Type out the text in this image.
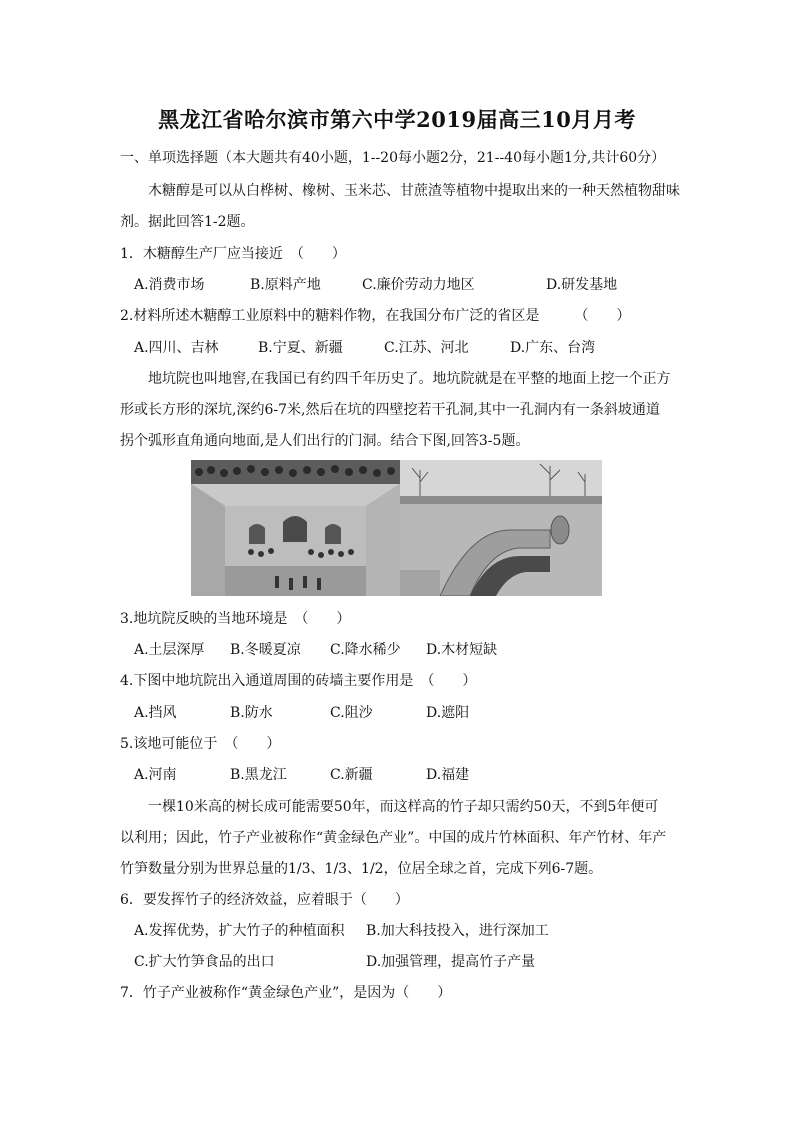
黑龙江省哈尔滨市第六中学2019届高三10月月考
一、单项选择题（本大题共有40小题，1--20每小题2分，21--40每小题1分,共计60分）
木糖醇是可以从白桦树、橡树、玉米芯、甘蔗渣等植物中提取出来的一种天然植物甜味
剂。据此回答1-2题。
1．木糖醇生产厂应当接近　（　　）
A.消费市场	B.原料产地	C.廉价劳动力地区	D.研发基地
2.材料所述木糖醇工业原料中的糖料作物，在我国分布广泛的省区是　　　（　　）
A.四川、吉林	B.宁夏、新疆	C.江苏、河北	D.广东、台湾
地坑院也叫地窖,在我国已有约四千年历史了。地坑院就是在平整的地面上挖一个正方
形或长方形的深坑,深约6-7米,然后在坑的四壁挖若干孔洞,其中一孔洞内有一条斜坡通道
拐个弧形直角通向地面,是人们出行的门洞。结合下图,回答3-5题。
3.地坑院反映的当地环境是　（　　）
A.土层深厚 B.冬暖夏凉 C.降水稀少 D.木材短缺
4.下图中地坑院出入通道周围的砖墙主要作用是　（　　）
A.挡风	B.防水	C.阻沙	D.遮阳
5.该地可能位于　（　　）
A.河南	B.黑龙江	C.新疆	D.福建
一棵10米高的树长成可能需要50年，而这样高的竹子却只需约50天，不到5年便可
以利用；因此，竹子产业被称作“黄金绿色产业”。中国的成片竹林面积、年产竹材、年产
竹笋数量分别为世界总量的1/3、1/3、1/2，位居全球之首，完成下列6-7题。
6．要发挥竹子的经济效益，应着眼于（　　）
A.发挥优势，扩大竹子的种植面积 B.加大科技投入，进行深加工
C.扩大竹笋食品的出口	D.加强管理，提高竹子产量
7．竹子产业被称作“黄金绿色产业”，是因为（　　）
